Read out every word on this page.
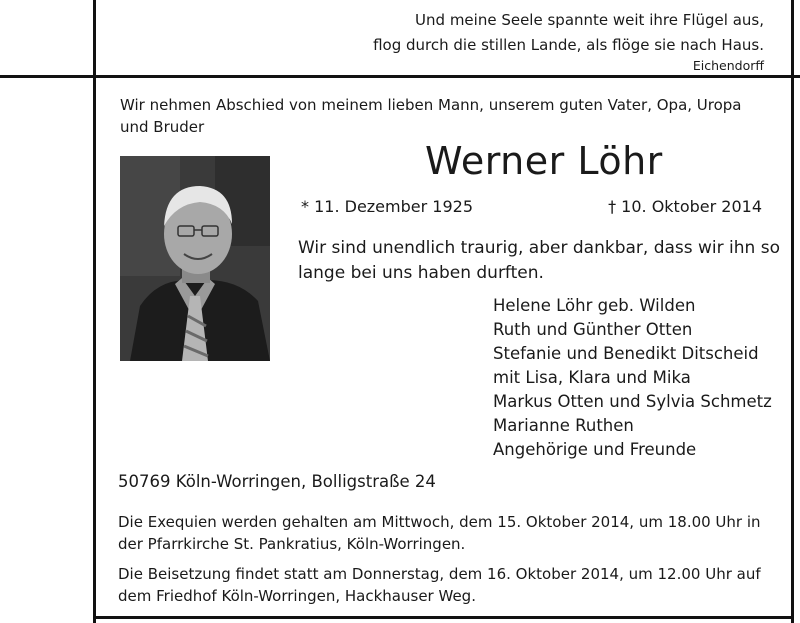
Und meine Seele spannte weit ihre Flügel aus,
flog durch die stillen Lande, als flöge sie nach Haus.
Eichendorff
Wir nehmen Abschied von meinem lieben Mann, unserem guten Vater, Opa, Uropa
und Bruder
Werner Löhr
* 11. Dezember 1925	† 10. Oktober 2014
Wir sind unendlich traurig, aber dankbar, dass wir ihn so
lange bei uns haben durften.
Helene Löhr geb. Wilden
Ruth und Günther Otten
Stefanie und Benedikt Ditscheid
mit Lisa, Klara und Mika
Markus Otten und Sylvia Schmetz
Marianne Ruthen
Angehörige und Freunde
50769 Köln-Worringen, Bolligstraße 24
Die Exequien werden gehalten am Mittwoch, dem 15. Oktober 2014, um 18.00 Uhr in
der Pfarrkirche St. Pankratius, Köln-Worringen.
Die Beisetzung findet statt am Donnerstag, dem 16. Oktober 2014, um 12.00 Uhr auf
dem Friedhof Köln-Worringen, Hackhauser Weg.
